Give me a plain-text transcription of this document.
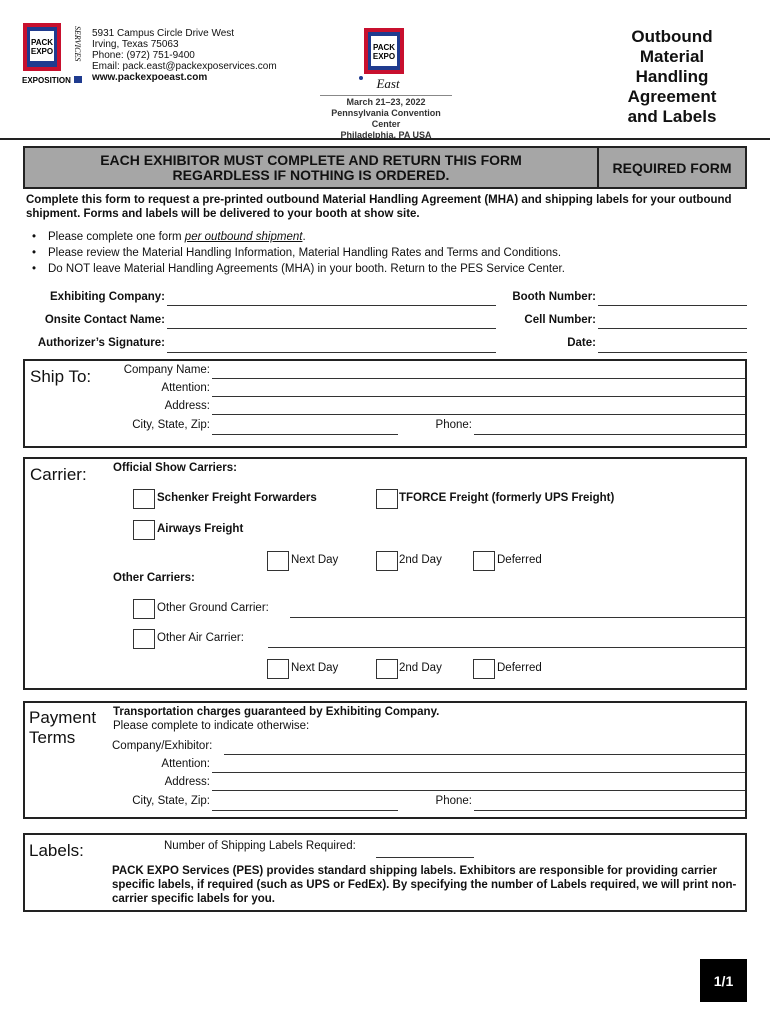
PACK
EXPO SERVICES
EXPOSITION
5931 Campus Circle Drive West
Irving, Texas 75063
Phone: (972) 751-9400
Email: pack.east@packexposervices.com
www.packexpoeast.com
PACK
EXPO
East
March 21–23, 2022
Pennsylvania Convention Center
Philadelphia, PA USA
Outbound
Material
Handling
Agreement
and Labels
EACH EXHIBITOR MUST COMPLETE AND RETURN THIS FORM
REGARDLESS IF NOTHING IS ORDERED.	REQUIRED FORM
Complete this form to request a pre-printed outbound Material Handling Agreement (MHA) and shipping labels for your outbound shipment. Forms and labels will be delivered to your booth at show site.
• Please complete one form per outbound shipment.
• Please review the Material Handling Information, Material Handling Rates and Terms and Conditions.
• Do NOT leave Material Handling Agreements (MHA) in your booth. Return to the PES Service Center.
Exhibiting Company:	Booth Number:
Onsite Contact Name:	Cell Number:
Authorizer’s Signature:	Date:
Ship To:	Company Name:
Attention:
Address:
City, State, Zip:	Phone:
Carrier: Official Show Carriers:
Schenker Freight Forwarders	TFORCE Freight (formerly UPS Freight)
Airways Freight
Next Day	2nd Day	Deferred
Other Carriers:
Other Ground Carrier:
Other Air Carrier:
Next Day	2nd Day	Deferred
Payment
Terms
Transportation charges guaranteed by Exhibiting Company.
Please complete to indicate otherwise:
Company/Exhibitor:
Attention:
Address:
City, State, Zip:	Phone:
Labels:	Number of Shipping Labels Required:
PACK EXPO Services (PES) provides standard shipping labels. Exhibitors are responsible for providing carrier specific labels, if required (such as UPS or FedEx). By specifying the number of Labels required, we will print non-carrier specific labels for you.
1/1
